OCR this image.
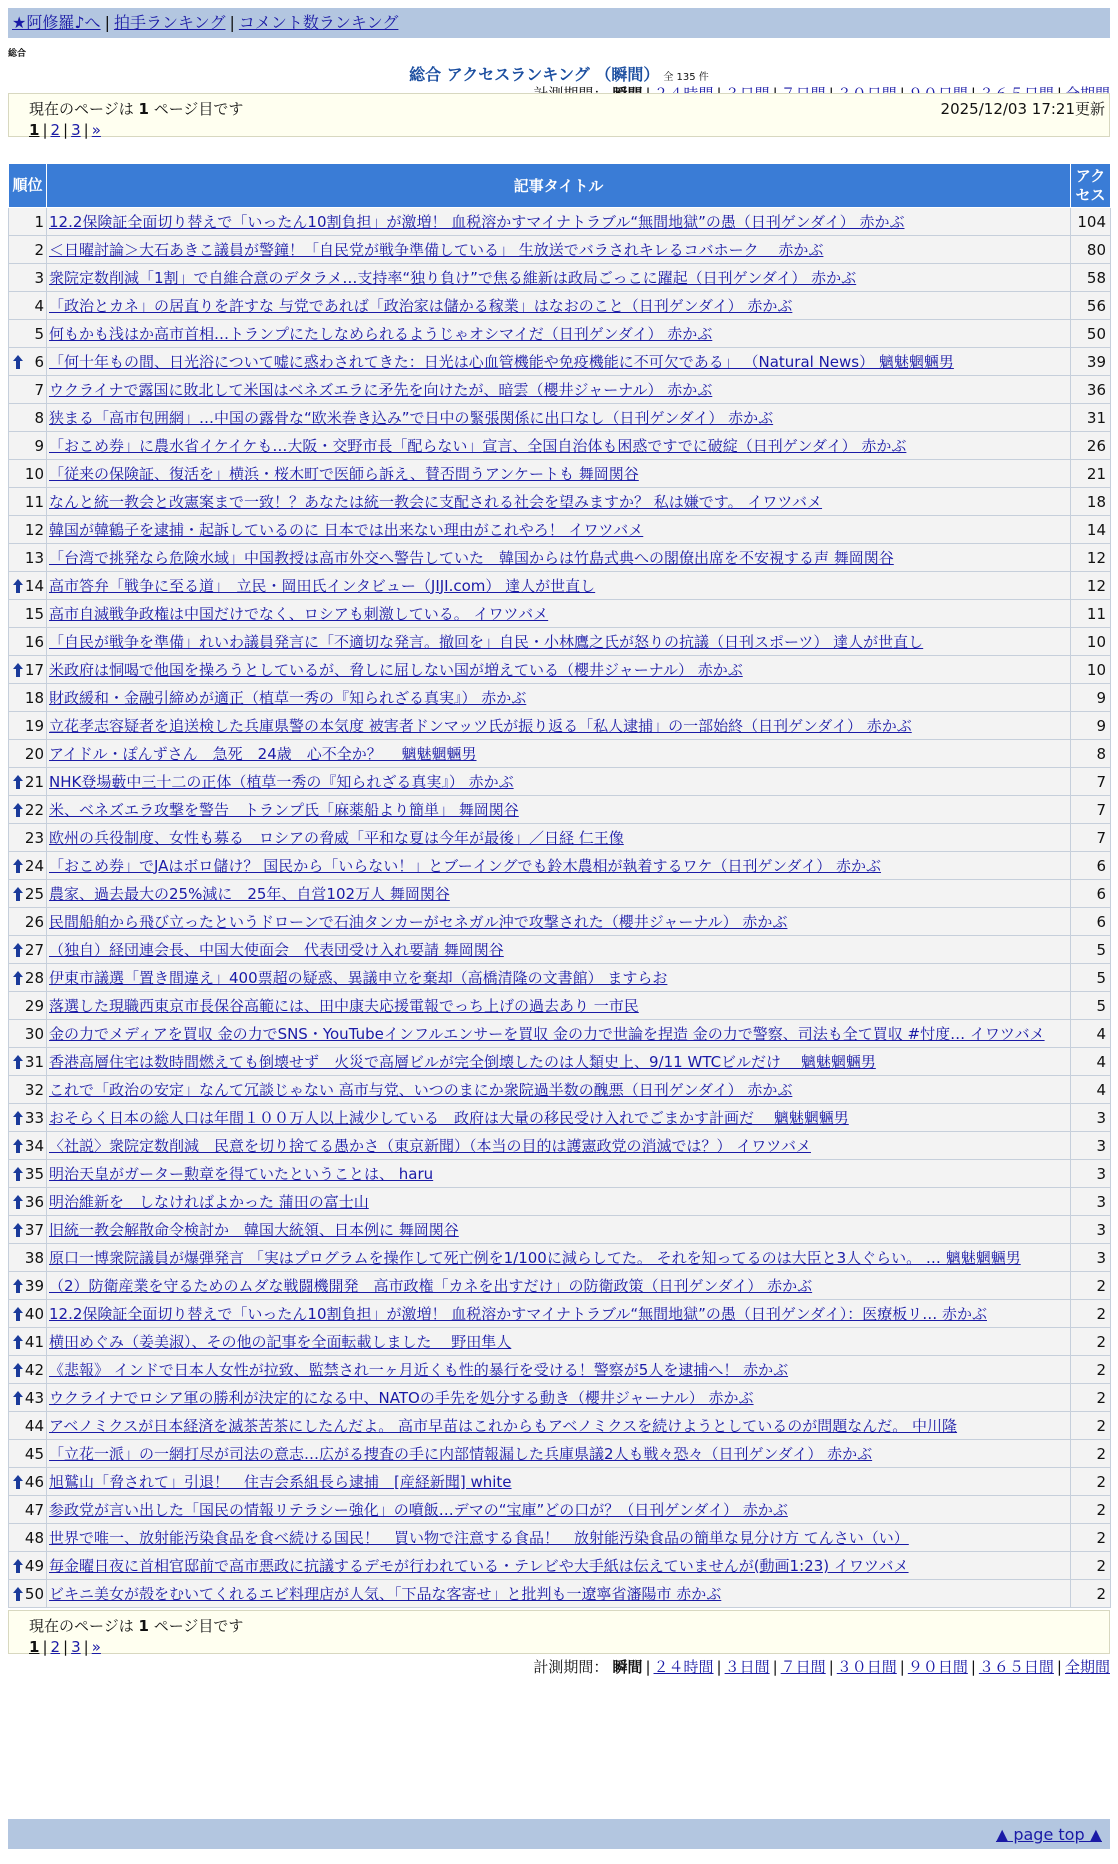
★阿修羅♪へ | 拍手ランキング | コメント数ランキング
総合
総合 アクセスランキング （瞬間） 全 135 件
現在のページは 1 ページ目です	2025/12/03 17:21更新
1 | 2 | 3 | »
順位	記事タイトル	アクセス
1	12.2保険証全面切り替えで「いったん10割負担」が激増！ 血税溶かすマイナトラブル“無間地獄”の愚（日刊ゲンダイ） 赤かぶ	104
2	＜日曜討論＞大石あきこ議員が警鐘！「自民党が戦争準備している」 生放送でバラされキレるコバホーク　 赤かぶ	80
3	衆院定数削減「1割」で自維合意のデタラメ…支持率“独り負け”で焦る維新は政局ごっこに躍起（日刊ゲンダイ） 赤かぶ	58
4	「政治とカネ」の居直りを許すな 与党であれば「政治家は儲かる稼業」はなおのこと（日刊ゲンダイ） 赤かぶ	56
5	何もかも浅はか高市首相…トランプにたしなめられるようじゃオシマイだ（日刊ゲンダイ） 赤かぶ	50

6	「何十年もの間、日光浴について嘘に惑わされてきた：日光は心血管機能や免疫機能に不可欠である」 （Natural News） 魑魅魍魎男	39
7	ウクライナで露国に敗北して米国はベネズエラに矛先を向けたが、暗雲（櫻井ジャーナル） 赤かぶ	36
8	狭まる「高市包囲網」…中国の露骨な“欧米巻き込み”で日中の緊張関係に出口なし（日刊ゲンダイ） 赤かぶ	31
9	「おこめ券」に農水省イケイケも…大阪・交野市長「配らない」宣言、全国自治体も困惑ですでに破綻（日刊ゲンダイ） 赤かぶ	26
10	「従来の保険証、復活を」横浜・桜木町で医師ら訴え、賛否問うアンケートも 舞岡関谷	21
11	なんと統一教会と改憲案まで一致！？あなたは統一教会に支配される社会を望みますか？ 私は嫌です。 イワツバメ	18
12	韓国が韓鶴子を逮捕・起訴しているのに 日本では出来ない理由がこれやろ！ イワツバメ	14
13	「台湾で挑発なら危険水域」中国教授は高市外交へ警告していた　韓国からは竹島式典への閣僚出席を不安視する声 舞岡関谷	12

14	高市答弁「戦争に至る道」　立民・岡田氏インタビュー（JIJI.com） 達人が世直し	12
15	高市自滅戦争政権は中国だけでなく、ロシアも刺激している。 イワツバメ	11
16	「自民が戦争を準備」れいわ議員発言に「不適切な発言。撤回を」自民・小林鷹之氏が怒りの抗議（日刊スポーツ） 達人が世直し	10

17	米政府は恫喝で他国を操ろうとしているが、脅しに屈しない国が増えている（櫻井ジャーナル） 赤かぶ	10
18	財政緩和・金融引締めが適正（植草一秀の『知られざる真実』） 赤かぶ	9
19	立花孝志容疑者を追送検した兵庫県警の本気度 被害者ドンマッツ氏が振り返る「私人逮捕」の一部始終（日刊ゲンダイ） 赤かぶ	9
20	アイドル・ぽんずさん　急死　24歳　心不全か？　 魑魅魍魎男	8

21	NHK登場藪中三十二の正体（植草一秀の『知られざる真実』） 赤かぶ	7

22	米、ベネズエラ攻撃を警告　トランプ氏「麻薬船より簡単」 舞岡関谷	7
23	欧州の兵役制度、女性も募る　ロシアの脅威「平和な夏は今年が最後」／日経 仁王像	7

24	「おこめ券」でJAはボロ儲け？ 国民から「いらない！」とブーイングでも鈴木農相が執着するワケ（日刊ゲンダイ） 赤かぶ	6

25	農家、過去最大の25%減に　25年、自営102万人 舞岡関谷	6
26	民間船舶から飛び立ったというドローンで石油タンカーがセネガル沖で攻撃された（櫻井ジャーナル） 赤かぶ	6

27	（独自）経団連会長、中国大使面会　代表団受け入れ要請 舞岡関谷	5

28	伊東市議選「置き間違え」400票超の疑惑、異議申立を棄却（高橋清隆の文書館） ますらお	5
29	落選した現職西東京市長保谷高範には、田中康夫応援電報でっち上げの過去あり 一市民	5
30	金の力でメディアを買収 金の力でSNS・YouTubeインフルエンサーを買収 金の力で世論を捏造 金の力で警察、司法も全て買収 #忖度… イワツバメ	4

31	香港高層住宅は数時間燃えても倒壊せず　火災で高層ビルが完全倒壊したのは人類史上、9/11 WTCビルだけ　 魑魅魍魎男	4
32	これで「政治の安定」なんて冗談じゃない 高市与党、いつのまにか衆院過半数の醜悪（日刊ゲンダイ） 赤かぶ	4

33	おそらく日本の総人口は年間１００万人以上減少している　政府は大量の移民受け入れでごまかす計画だ　 魑魅魍魎男	3

34	〈社説〉衆院定数削減　民意を切り捨てる愚かさ（東京新聞）（本当の目的は護憲政党の消滅では？） イワツバメ	3

35	明治天皇がガーター勲章を得ていたということは、 haru	3

36	明治維新を　しなければよかった 蒲田の富士山	3

37	旧統一教会解散命令検討か　韓国大統領、日本例に 舞岡関谷	3
38	原口一博衆院議員が爆弾発言 「実はプログラムを操作して死亡例を1/100に減らしてた。 それを知ってるのは大臣と3人ぐらい。 … 魑魅魍魎男	3

39	（2）防衛産業を守るためのムダな戦闘機開発　高市政権「カネを出すだけ」の防衛政策（日刊ゲンダイ） 赤かぶ	2

40	12.2保険証全面切り替えで「いったん10割負担」が激増！ 血税溶かすマイナトラブル“無間地獄”の愚（日刊ゲンダイ）：医療板リ… 赤かぶ	2

41	横田めぐみ（姜美淑）、その他の記事を全面転載しました　 野田隼人	2

42	《悲報》 インドで日本人女性が拉致、監禁され一ヶ月近くも性的暴行を受ける！警察が5人を逮捕へ！ 赤かぶ	2

43	ウクライナでロシア軍の勝利が決定的になる中、NATOの手先を処分する動き（櫻井ジャーナル） 赤かぶ	2
44	アベノミクスが日本経済を滅茶苦茶にしたんだよ。 高市早苗はこれからもアベノミクスを続けようとしているのが問題なんだ。 中川隆	2
45	「立花一派」の一網打尽が司法の意志…広がる捜査の手に内部情報漏した兵庫県議2人も戦々恐々（日刊ゲンダイ） 赤かぶ	2

46	旭鷲山「脅されて」引退！　住吉会系組長ら逮捕　[産経新聞] white	2
47	参政党が言い出した「国民の情報リテラシー強化」の噴飯…デマの“宝庫”どの口が？（日刊ゲンダイ） 赤かぶ	2
48	世界で唯一、放射能汚染食品を食べ続ける国民！　買い物で注意する食品！　放射能汚染食品の簡単な見分け方 てんさい（い）	2

49	毎金曜日夜に首相官邸前で高市悪政に抗議するデモが行われている・テレビや大手紙は伝えていませんが(動画1:23) イワツバメ	2

50	ビキニ美女が殻をむいてくれるエビ料理店が人気、「下品な客寄せ」と批判も一遼寧省瀋陽市 赤かぶ	2
現在のページは 1 ページ目です
1 | 2 | 3 | »
計測期間： 瞬間 | ２４時間 | ３日間 | ７日間 | ３０日間 | ９０日間 | ３６５日間 | 全期間
▲ page top ▲
